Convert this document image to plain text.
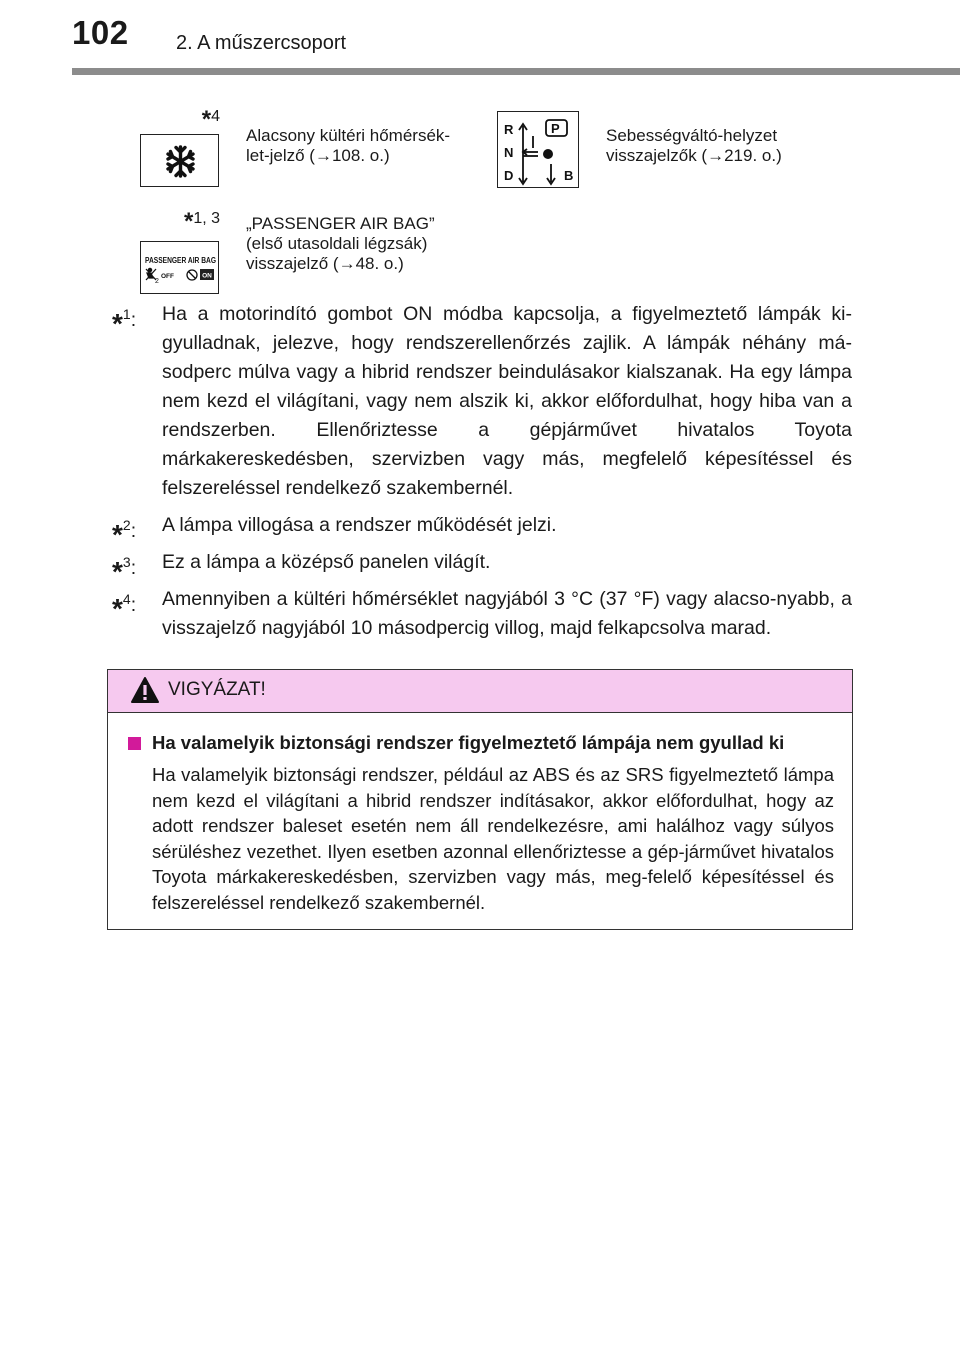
102 2. A műszercsoport
*4
Alacsony kültéri hőmérsék-
let-jelző (→108. o.)
R
N
D	B
P	Sebességváltó-helyzet
visszajelzők (→219. o.)
*1, 3
PASSENGER AIR BAG
2
OFF	ON
„PASSENGER AIR BAG”
(első utasoldali légzsák)
visszajelző (→48. o.)
*$^1$:	Ha a motorindító gombot ON módba kapcsolja, a figyelmeztető lámpák ki-gyulladnak, jelezve, hogy rendszerellenőrzés zajlik. A lámpák néhány má-sodperc múlva vagy a hibrid rendszer beindulásakor kialszanak. Ha egy lámpa nem kezd el világítani, vagy nem alszik ki, akkor előfordulhat, hogy hiba van a rendszerben. Ellenőriztesse a gépjárművet hivatalos Toyota márkakereskedésben, szervizben vagy más, megfelelő képesítéssel és felszereléssel rendelkező szakembernél.
*$^2$:	A lámpa villogása a rendszer működését jelzi.
*$^3$:	Ez a lámpa a középső panelen világít.
*$^4$:	Amennyiben a kültéri hőmérséklet nagyjából 3 °C (37 °F) vagy alacso-nyabb, a visszajelző nagyjából 10 másodpercig villog, majd felkapcsolva marad.
VIGYÁZAT!
Ha valamelyik biztonsági rendszer figyelmeztető lámpája nem gyullad ki
Ha valamelyik biztonsági rendszer, például az ABS és az SRS figyelmeztető lámpa nem kezd el világítani a hibrid rendszer indításakor, akkor előfordulhat, hogy az adott rendszer baleset esetén nem áll rendelkezésre, ami halálhoz vagy súlyos sérüléshez vezethet. Ilyen esetben azonnal ellenőriztesse a gép-járművet hivatalos Toyota márkakereskedésben, szervizben vagy más, meg-felelő képesítéssel és felszereléssel rendelkező szakembernél.
